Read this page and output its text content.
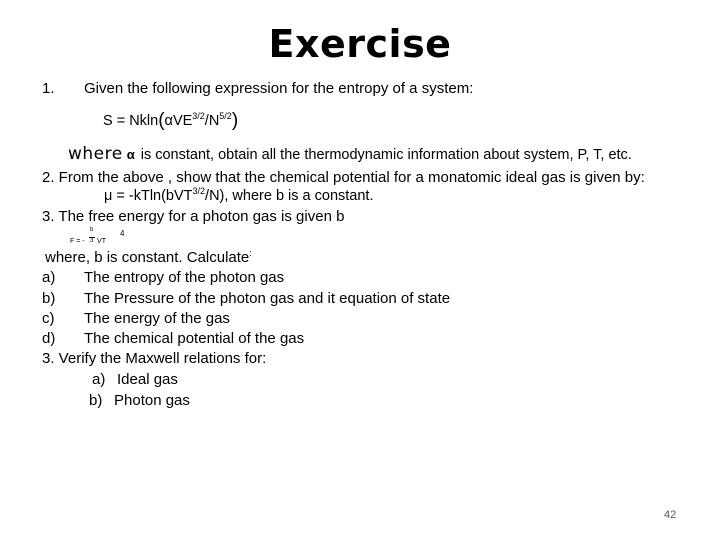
Exercise
1. Given the following expression for the entropy of a system:
$S = Nkln(\alpha VE^{3/2}/N^{5/2})$
where α is constant, obtain all the thermodynamic information about system, P, T, etc.
2. From the above , show that the chemical potential for a monatomic ideal gas is given by:
μ = -kTln(bVT$^{3/2}$/N), where b is a constant.
3. The free energy for a photon gas is given b
F = - $\frac{b}{3}$ VT
4
where, b is constant. Calculate:
a) The entropy of the photon gas
b) The Pressure of the photon gas and it equation of state
c) The energy of the gas
d) The chemical potential of the gas
3. Verify the Maxwell relations for:
a) Ideal gas
b) Photon gas
42
